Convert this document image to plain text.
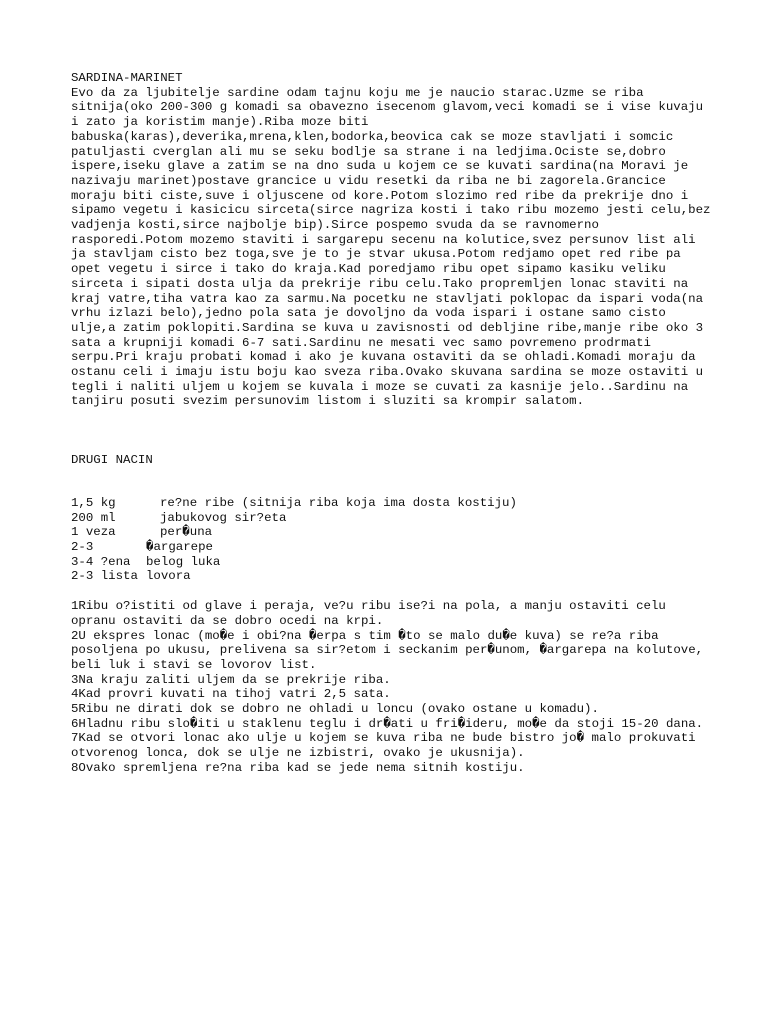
SARDINA-MARINET
Evo da za ljubitelje sardine odam tajnu koju me je naucio starac.Uzme se riba sitnija(oko 200-300 g komadi sa obavezno isecenom glavom,veci komadi se i vise kuvaju i zato ja koristim manje).Riba moze biti
babuska(karas),deverika,mrena,klen,bodorka,beovica cak se moze stavljati i somcic patuljasti cverglan ali mu se seku bodlje sa strane i na ledjima.Ociste se,dobro ispere,iseku glave a zatim se na dno suda u kojem ce se kuvati sardina(na Moravi je nazivaju marinet)postave grancice u vidu resetki da riba ne bi zagorela.Grancice moraju biti ciste,suve i oljuscene od kore.Potom slozimo red ribe da prekrije dno i sipamo vegetu i kasicicu sirceta(sirce nagriza kosti i tako ribu mozemo jesti celu,bez vadjenja kosti,sirce najbolje bip).Sirce pospemo svuda da se ravnomerno rasporedi.Potom mozemo staviti i sargarepu secenu na kolutice,svez persunov list ali ja stavljam cisto bez toga,sve je to je stvar ukusa.Potom redjamo opet red ribe pa opet vegetu i sirce i tako do kraja.Kad poredjamo ribu opet sipamo kasiku veliku sirceta i sipati dosta ulja da prekrije ribu celu.Tako propremljen lonac staviti na kraj vatre,tiha vatra kao za sarmu.Na pocetku ne stavljati poklopac da ispari voda(na vrhu izlazi belo),jedno pola sata je dovoljno da voda ispari i ostane samo cisto ulje,a zatim poklopiti.Sardina se kuva u zavisnosti od debljine ribe,manje ribe oko 3 sata a krupniji komadi 6-7 sati.Sardinu ne mesati vec samo povremeno prodrmati serpu.Pri kraju probati komad i ako je kuvana ostaviti da se ohladi.Komadi moraju da ostanu celi i imaju istu boju kao sveza riba.Ovako skuvana sardina se moze ostaviti u tegli i naliti uljem u kojem se kuvala i moze se cuvati za kasnije jelo..Sardinu na tanjiru posuti svezim persunovim listom i sluziti sa krompir salatom.
DRUGI NACIN
1,5 kg	re?ne ribe (sitnija riba koja ima dosta kostiju)
200 ml	jabukovog sir?eta
1 veza	per�una
2-3	�argarepe
3-4 ?ena	belog luka
2-3 lista lovora
1Ribu o?istiti od glave i peraja, ve?u ribu ise?i na pola, a manju ostaviti celu opranu ostaviti da se dobro ocedi na krpi.
2U ekspres lonac (mo�e i obi?na �erpa s tim �to se malo du�e kuva) se re?a riba posoljena po ukusu, prelivena sa sir?etom i seckanim per�unom, �argarepa na kolutove, beli luk i stavi se lovorov list.
3Na kraju zaliti uljem da se prekrije riba.
4Kad provri kuvati na tihoj vatri 2,5 sata.
5Ribu ne dirati dok se dobro ne ohladi u loncu (ovako ostane u komadu).
6Hladnu ribu slo�iti u staklenu teglu i dr�ati u fri�ideru, mo�e da stoji 15-20 dana.
7Kad se otvori lonac ako ulje u kojem se kuva riba ne bude bistro jo� malo prokuvati otvorenog lonca, dok se ulje ne izbistri, ovako je ukusnija).
8Ovako spremljena re?na riba kad se jede nema sitnih kostiju.
